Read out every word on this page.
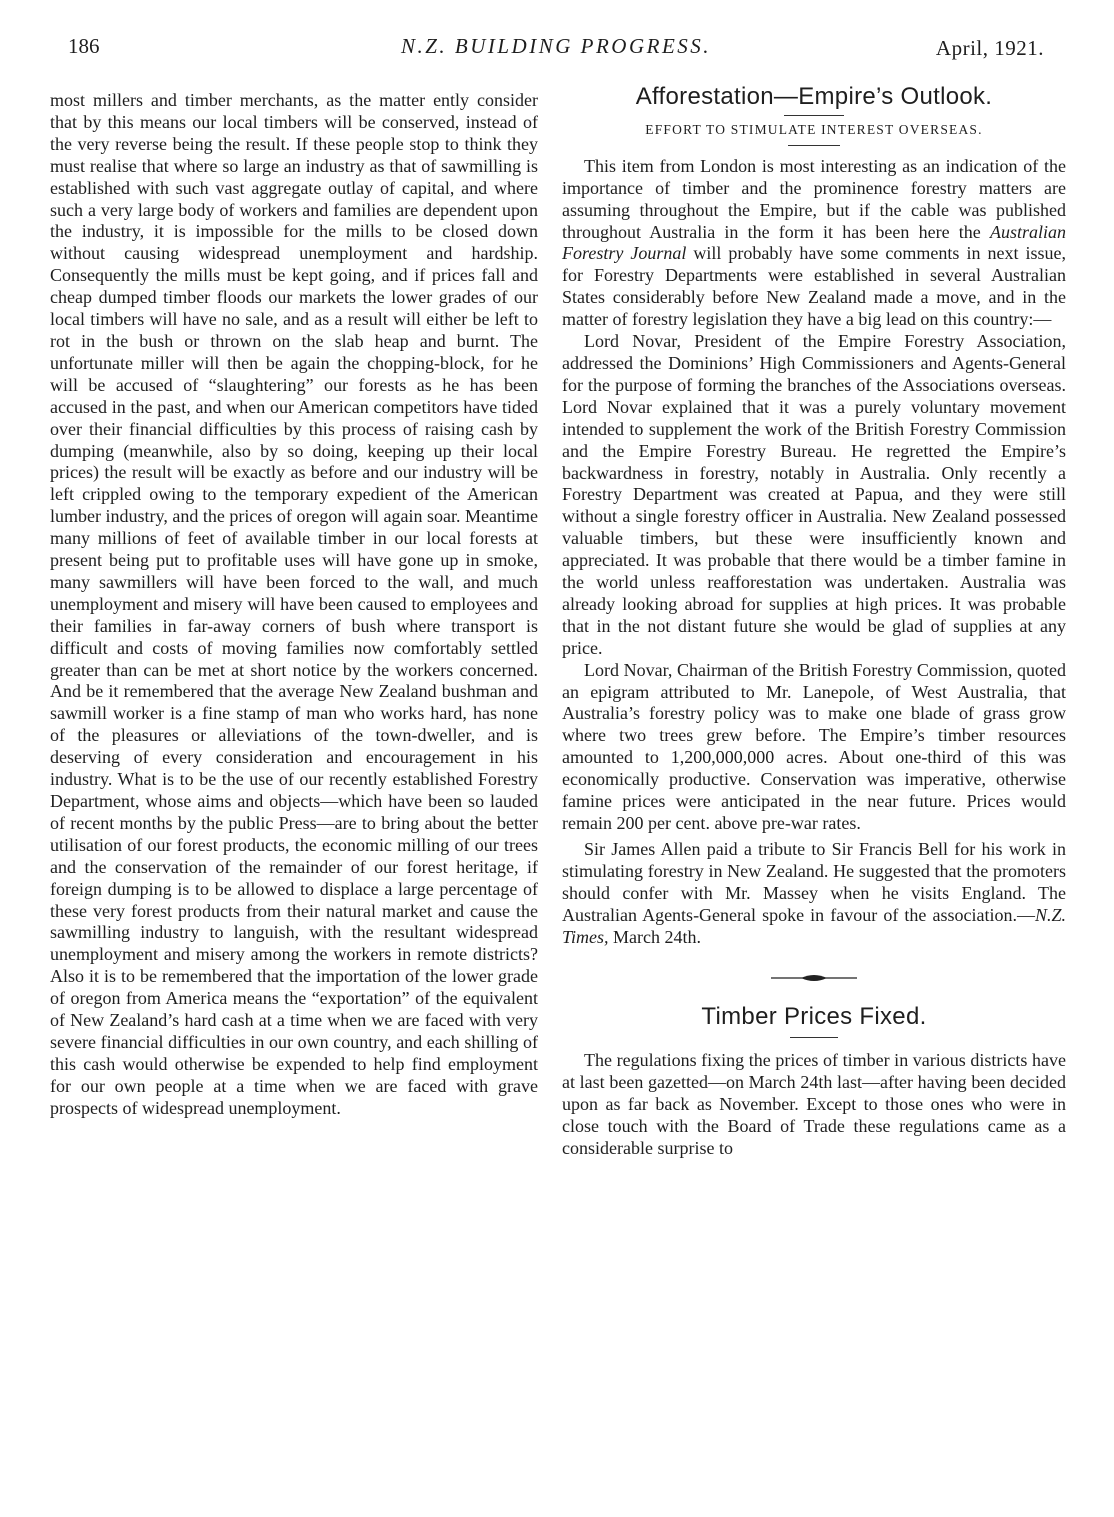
186	N.Z. BUILDING PROGRESS.	April, 1921.

most millers and timber merchants, as the matter ently consider that by this means our local timbers will be conserved, instead of the very reverse being the result. If these people stop to think they must realise that where so large an industry as that of sawmilling is established with such vast aggregate outlay of capital, and where such a very large body of workers and families are dependent upon the industry, it is impossible for the mills to be closed down without causing widespread unemployment and hardship. Consequently the mills must be kept going, and if prices fall and cheap dumped timber floods our markets the lower grades of our local timbers will have no sale, and as a result will either be left to rot in the bush or thrown on the slab heap and burnt. The unfortunate miller will then be again the chopping-block, for he will be accused of “slaughtering” our forests as he has been accused in the past, and when our American competitors have tided over their financial difficulties by this process of raising cash by dumping (meanwhile, also by so doing, keeping up their local prices) the result will be exactly as before and our industry will be left crippled owing to the temporary expedient of the American lumber industry, and the prices of oregon will again soar. Meantime many millions of feet of available timber in our local forests at present being put to profitable uses will have gone up in smoke, many sawmillers will have been forced to the wall, and much unemployment and misery will have been caused to employees and their families in far-away corners of bush where transport is difficult and costs of moving families now comfortably settled greater than can be met at short notice by the workers concerned. And be it remembered that the average New Zealand bushman and sawmill worker is a fine stamp of man who works hard, has none of the pleasures or alleviations of the town-dweller, and is deserving of every consideration and encouragement in his industry. What is to be the use of our recently established Forestry Department, whose aims and objects—which have been so lauded of recent months by the public Press—are to bring about the better utilisation of our forest products, the economic milling of our trees and the conservation of the remainder of our forest heritage, if foreign dumping is to be allowed to displace a large percentage of these very forest products from their natural market and cause the sawmilling industry to languish, with the resultant widespread unemployment and misery among the workers in remote districts? Also it is to be remembered that the importation of the lower grade of oregon from America means the “exportation” of the equivalent of New Zealand’s hard cash at a time when we are faced with very severe financial difficulties in our own country, and each shilling of this cash would otherwise be expended to help find employment for our own people at a time when we are faced with grave prospects of widespread unemployment.

Afforestation—Empire’s Outlook.
EFFORT TO STIMULATE INTEREST OVERSEAS.

This item from London is most interesting as an indication of the importance of timber and the prominence forestry matters are assuming throughout the Empire, but if the cable was published throughout Australia in the form it has been here the Australian Forestry Journal will probably have some comments in next issue, for Forestry Departments were established in several Australian States considerably before New Zealand made a move, and in the matter of forestry legislation they have a big lead on this country:—

Lord Novar, President of the Empire Forestry Association, addressed the Dominions’ High Commissioners and Agents-General for the purpose of forming the branches of the Associations overseas. Lord Novar explained that it was a purely voluntary movement intended to supplement the work of the British Forestry Commission and the Empire Forestry Bureau. He regretted the Empire’s backwardness in forestry, notably in Australia. Only recently a Forestry Department was created at Papua, and they were still without a single forestry officer in Australia. New Zealand possessed valuable timbers, but these were insufficiently known and appreciated. It was probable that there would be a timber famine in the world unless reafforestation was undertaken. Australia was already looking abroad for supplies at high prices. It was probable that in the not distant future she would be glad of supplies at any price.

Lord Novar, Chairman of the British Forestry Commission, quoted an epigram attributed to Mr. Lanepole, of West Australia, that Australia’s forestry policy was to make one blade of grass grow where two trees grew before. The Empire’s timber resources amounted to 1,200,000,000 acres. About one-third of this was economically productive. Conservation was imperative, otherwise famine prices were anticipated in the near future. Prices would remain 200 per cent. above pre-war rates.

Sir James Allen paid a tribute to Sir Francis Bell for his work in stimulating forestry in New Zealand. He suggested that the promoters should confer with Mr. Massey when he visits England. The Australian Agents-General spoke in favour of the association.—N.Z. Times, March 24th.

Timber Prices Fixed.

The regulations fixing the prices of timber in various districts have at last been gazetted—on March 24th last—after having been decided upon as far back as November. Except to those ones who were in close touch with the Board of Trade these regulations came as a considerable surprise to
